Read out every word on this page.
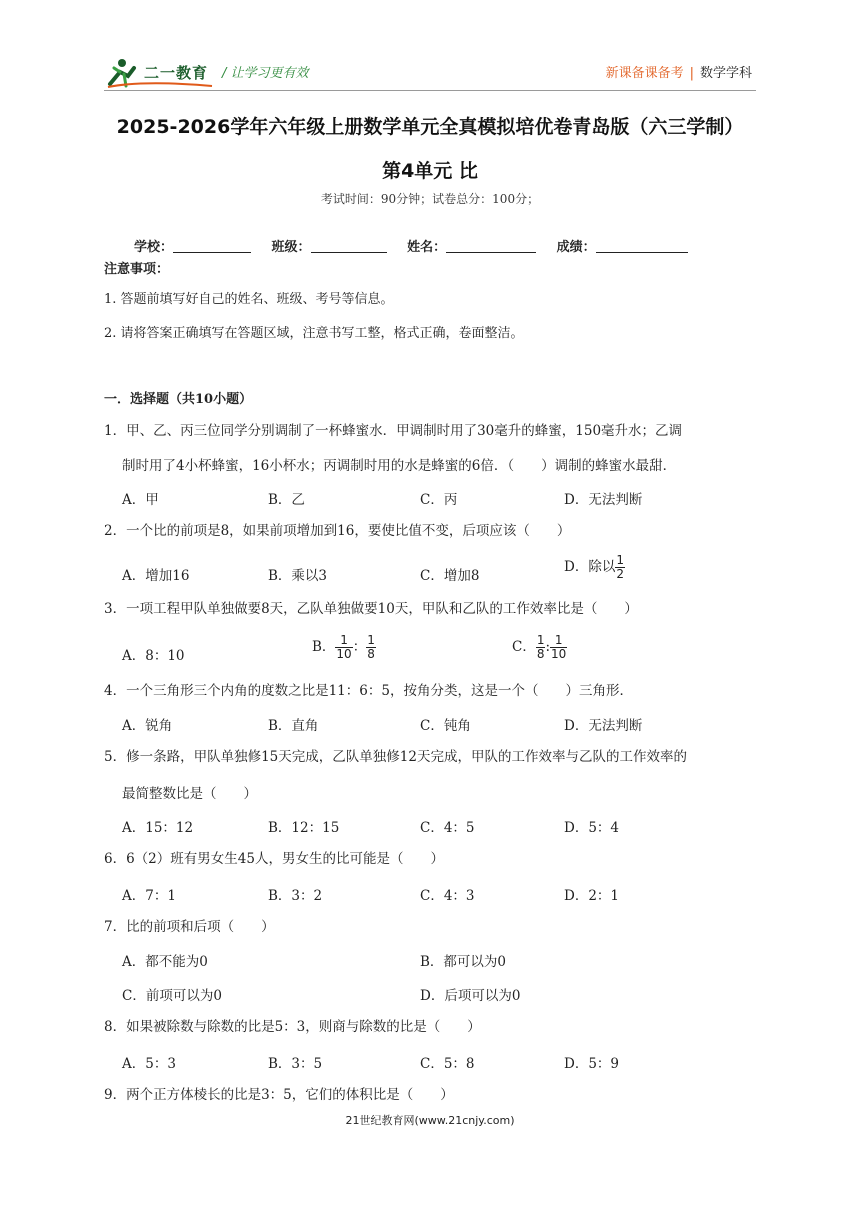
二一教育 / 让学习更有效	新课备课备考 | 数学学科
2025-2026学年六年级上册数学单元全真模拟培优卷青岛版（六三学制）
第4单元 比
考试时间：90分钟；试卷总分：100分；
学校：	班级：	姓名：	成绩：
注意事项：
1. 答题前填写好自己的姓名、班级、考号等信息。
2. 请将答案正确填写在答题区域，注意书写工整，格式正确，卷面整洁。
一．选择题（共10小题）
1．甲、乙、丙三位同学分别调制了一杯蜂蜜水．甲调制时用了30毫升的蜂蜜，150毫升水；乙调
制时用了4小杯蜂蜜，16小杯水；丙调制时用的水是蜂蜜的6倍．（　　）调制的蜂蜜水最甜．
A．甲	B．乙	C．丙	D．无法判断
2．一个比的前项是8，如果前项增加到16，要使比值不变，后项应该（　　）
A．增加16	B．乘以3	C．增加8
D．除以 $\frac{1}{2}$
3．一项工程甲队单独做要8天，乙队单独做要10天，甲队和乙队的工作效率比是（　　）
A．8：10
B． $\frac{1}{10}$ ： $\frac{1}{8}$	C． $\frac{1}{8}$ : $\frac{1}{10}$
4．一个三角形三个内角的度数之比是11：6：5，按角分类，这是一个（　　）三角形．
A．锐角	B．直角	C．钝角	D．无法判断
5．修一条路，甲队单独修15天完成，乙队单独修12天完成，甲队的工作效率与乙队的工作效率的
最简整数比是（　　）
A．15：12	B．12：15	C．4：5	D．5：4
6．6（2）班有男女生45人，男女生的比可能是（　　）
A．7：1	B．3：2	C．4：3	D．2：1
7．比的前项和后项（　　）
A．都不能为0	B．都可以为0
C．前项可以为0	D．后项可以为0
8．如果被除数与除数的比是5：3，则商与除数的比是（　　）
A．5：3	B．3：5	C．5：8	D．5：9
9．两个正方体棱长的比是3：5，它们的体积比是（　　）
21世纪教育网(www.21cnjy.com)
